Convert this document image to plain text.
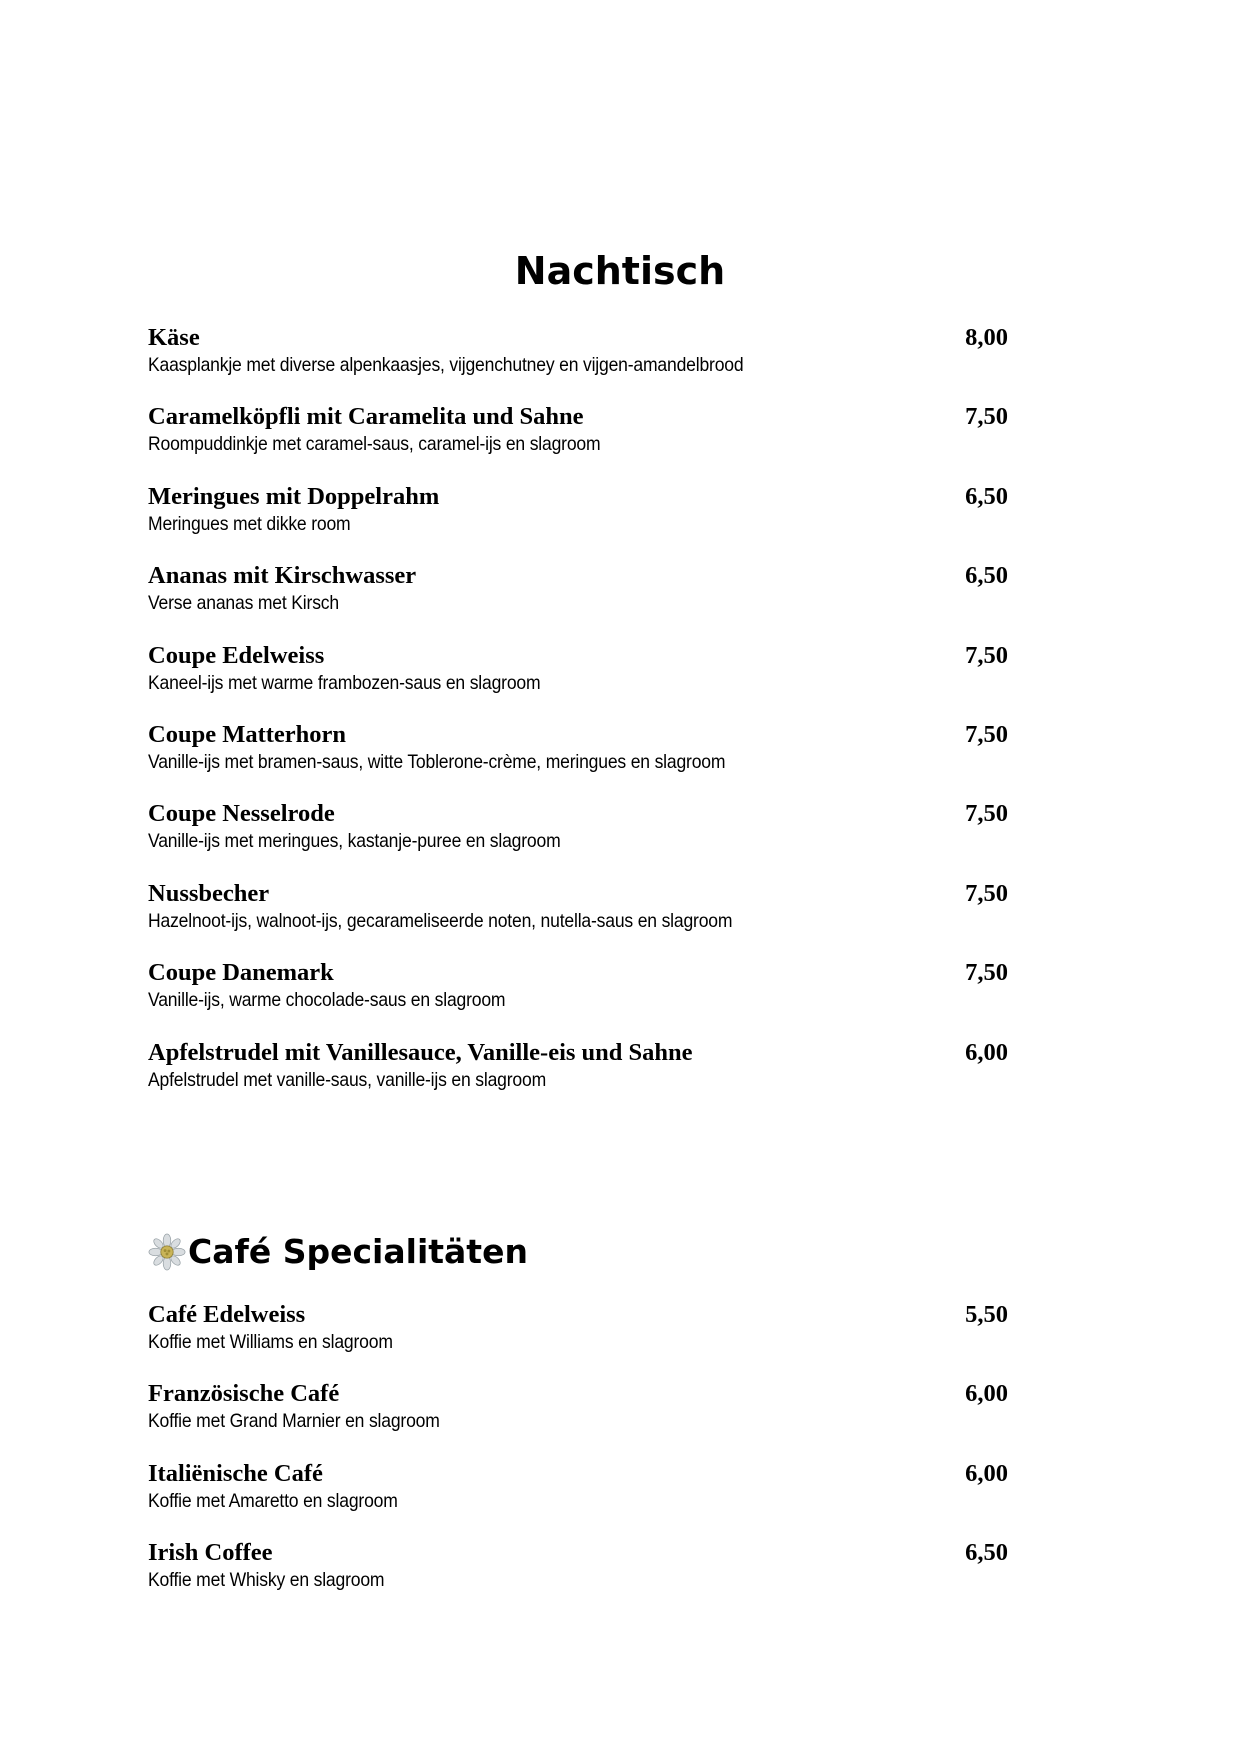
Nachtisch
Käse	8,00
Kaasplankje met diverse alpenkaasjes, vijgenchutney en vijgen-amandelbrood
Caramelköpfli mit Caramelita und Sahne	7,50
Roompuddinkje met caramel-saus, caramel-ijs en slagroom
Meringues mit Doppelrahm	6,50
Meringues met dikke room
Ananas mit Kirschwasser	6,50
Verse ananas met Kirsch
Coupe Edelweiss	7,50
Kaneel-ijs met warme frambozen-saus en slagroom
Coupe Matterhorn	7,50
Vanille-ijs met bramen-saus, witte Toblerone-crème, meringues en slagroom
Coupe Nesselrode	7,50
Vanille-ijs met meringues, kastanje-puree en slagroom
Nussbecher	7,50
Hazelnoot-ijs, walnoot-ijs, gecarameliseerde noten, nutella-saus en slagroom
Coupe Danemark	7,50
Vanille-ijs, warme chocolade-saus en slagroom
Apfelstrudel mit Vanillesauce, Vanille-eis und Sahne	6,00
Apfelstrudel met vanille-saus, vanille-ijs en slagroom
Café Specialitäten
Café Edelweiss	5,50
Koffie met Williams en slagroom
Französische Café	6,00
Koffie met Grand Marnier en slagroom
Italiënische Café	6,00
Koffie met Amaretto en slagroom
Irish Coffee	6,50
Koffie met Whisky en slagroom
